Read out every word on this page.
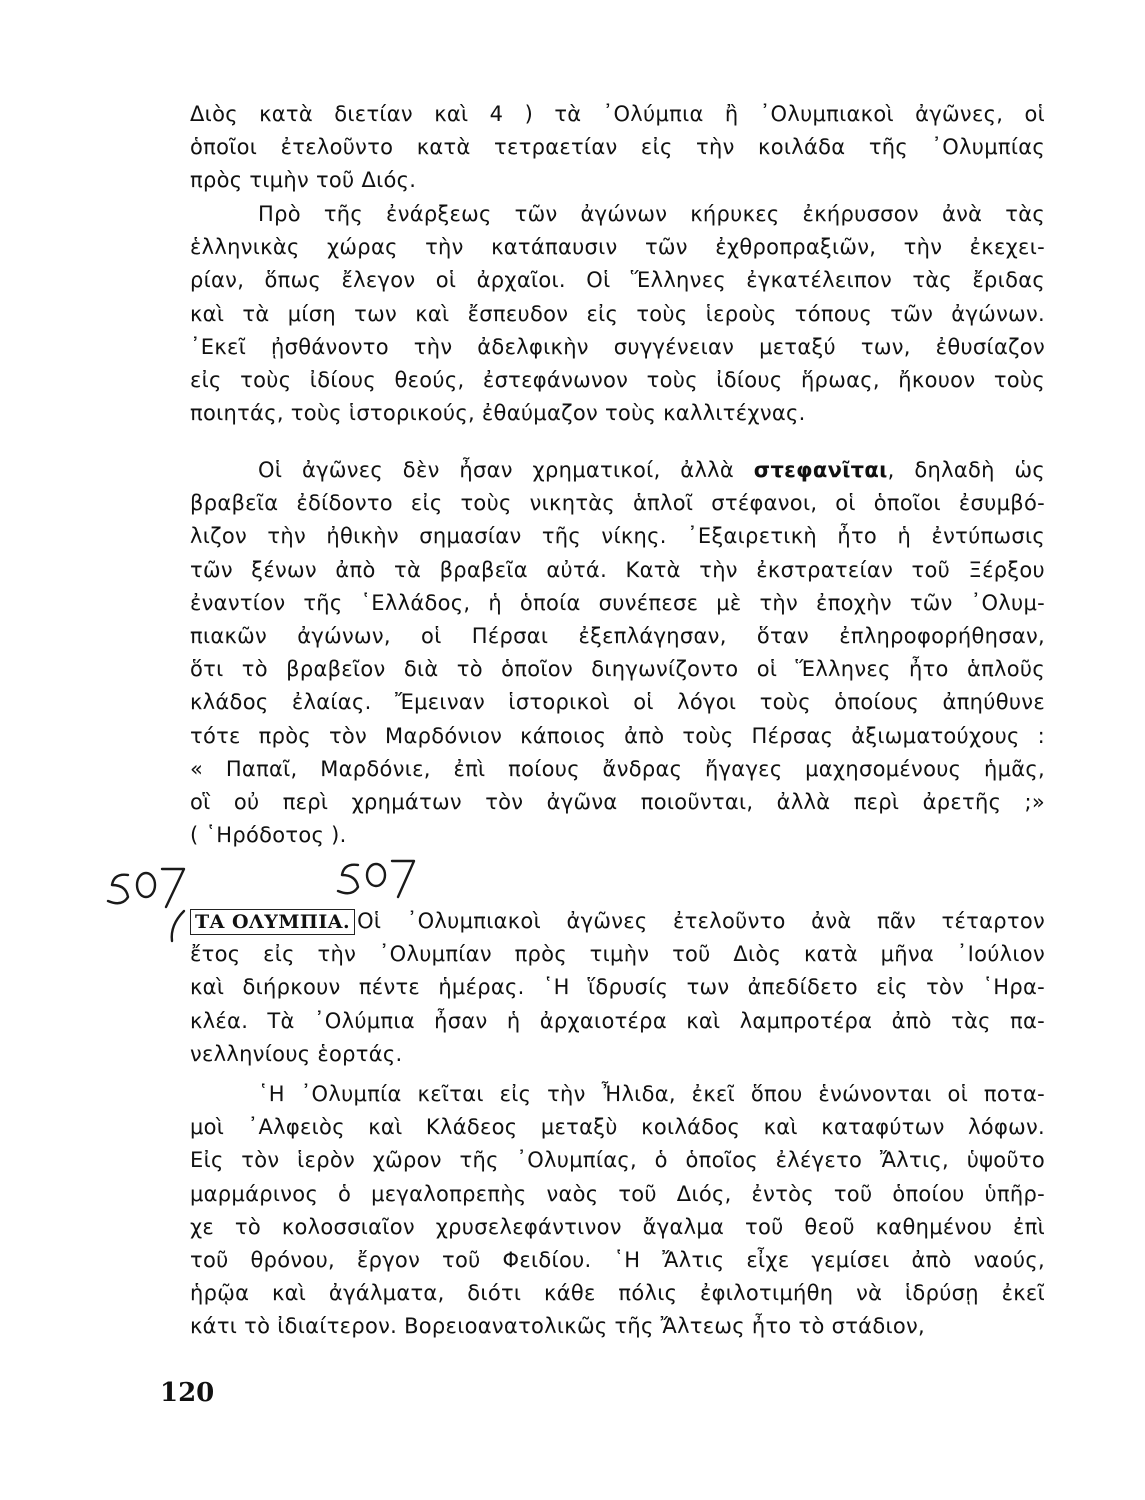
Διὸς κατὰ διετίαν καὶ 4 ) τὰ ᾿Ολύμπια ἢ ᾿Ολυμπιακοὶ ἀγῶνες, οἱ
ὁποῖοι ἐτελοῦντο κατὰ τετραετίαν εἰς τὴν κοιλάδα τῆς ᾿Ολυμπίας
πρὸς τιμὴν τοῦ Διός.
Πρὸ τῆς ἐνάρξεως τῶν ἀγώνων κήρυκες ἐκήρυσσον ἀνὰ τὰς
ἑλληνικὰς χώρας τὴν κατάπαυσιν τῶν ἐχθροπραξιῶν, τὴν ἐκεχει-
ρίαν, ὅπως ἔλεγον οἱ ἀρχαῖοι. Οἱ Ἕλληνες ἐγκατέλειπον τὰς ἔριδας
καὶ τὰ μίση των καὶ ἔσπευδον εἰς τοὺς ἱεροὺς τόπους τῶν ἀγώνων.
᾿Εκεῖ ᾐσθάνοντο τὴν ἀδελφικὴν συγγένειαν μεταξύ των, ἐθυσίαζον
εἰς τοὺς ἰδίους θεούς, ἐστεφάνωνον τοὺς ἰδίους ἥρωας, ἤκουον τοὺς
ποιητάς, τοὺς ἱστορικούς, ἐθαύμαζον τοὺς καλλιτέχνας.
Οἱ ἀγῶνες δὲν ἦσαν χρηματικοί, ἀλλὰ στεφανῖται, δηλαδὴ ὡς
βραβεῖα ἐδίδοντο εἰς τοὺς νικητὰς ἁπλοῖ στέφανοι, οἱ ὁποῖοι ἐσυμβό-
λιζον τὴν ἠθικὴν σημασίαν τῆς νίκης. ᾿Εξαιρετικὴ ἦτο ἡ ἐντύπωσις
τῶν ξένων ἀπὸ τὰ βραβεῖα αὐτά. Κατὰ τὴν ἐκστρατείαν τοῦ Ξέρξου
ἐναντίον τῆς ῾Ελλάδος, ἡ ὁποία συνέπεσε μὲ τὴν ἐποχὴν τῶν ᾿Ολυμ-
πιακῶν ἀγώνων, οἱ Πέρσαι ἐξεπλάγησαν, ὅταν ἐπληροφορήθησαν,
ὅτι τὸ βραβεῖον διὰ τὸ ὁποῖον διηγωνίζοντο οἱ Ἕλληνες ἦτο ἁπλοῦς
κλάδος ἐλαίας. Ἔμειναν ἱστορικοὶ οἱ λόγοι τοὺς ὁποίους ἀπηύθυνε
τότε πρὸς τὸν Μαρδόνιον κάποιος ἀπὸ τοὺς Πέρσας ἀξιωματούχους :
« Παπαῖ, Μαρδόνιε, ἐπὶ ποίους ἄνδρας ἤγαγες μαχησομένους ἡμᾶς,
οἳ οὐ περὶ χρημάτων τὸν ἀγῶνα ποιοῦνται, ἀλλὰ περὶ ἀρετῆς ;»
( ῾Ηρόδοτος ).
ΤΑ ΟΛΥΜΠΙΑ. Οἱ ᾿Ολυμπιακοὶ ἀγῶνες ἐτελοῦντο ἀνὰ πᾶν τέταρτον
ἔτος εἰς τὴν ᾿Ολυμπίαν πρὸς τιμὴν τοῦ Διὸς κατὰ μῆνα ᾿Ιούλιον
καὶ διήρκουν πέντε ἡμέρας. ῾Η ἵδρυσίς των ἀπεδίδετο εἰς τὸν ῾Ηρα-
κλέα. Τὰ ᾿Ολύμπια ἦσαν ἡ ἀρχαιοτέρα καὶ λαμπροτέρα ἀπὸ τὰς πα-
νελληνίους ἑορτάς.
῾Η ᾿Ολυμπία κεῖται εἰς τὴν Ἦλιδα, ἐκεῖ ὅπου ἑνώνονται οἱ ποτα-
μοὶ ᾿Αλφειὸς καὶ Κλάδεος μεταξὺ κοιλάδος καὶ καταφύτων λόφων.
Εἰς τὸν ἱερὸν χῶρον τῆς ᾿Ολυμπίας, ὁ ὁποῖος ἐλέγετο Ἄλτις, ὑψοῦτο
μαρμάρινος ὁ μεγαλοπρεπὴς ναὸς τοῦ Διός, ἐντὸς τοῦ ὁποίου ὑπῆρ-
χε τὸ κολοσσιαῖον χρυσελεφάντινον ἄγαλμα τοῦ θεοῦ καθημένου ἐπὶ
τοῦ θρόνου, ἔργον τοῦ Φειδίου. ῾Η Ἄλτις εἶχε γεμίσει ἀπὸ ναούς,
ἡρῷα καὶ ἀγάλματα, διότι κάθε πόλις ἐφιλοτιμήθη νὰ ἱδρύσῃ ἐκεῖ
κάτι τὸ ἰδιαίτερον. Βορειοανατολικῶς τῆς Ἄλτεως ἦτο τὸ στάδιον,
507 507
120
